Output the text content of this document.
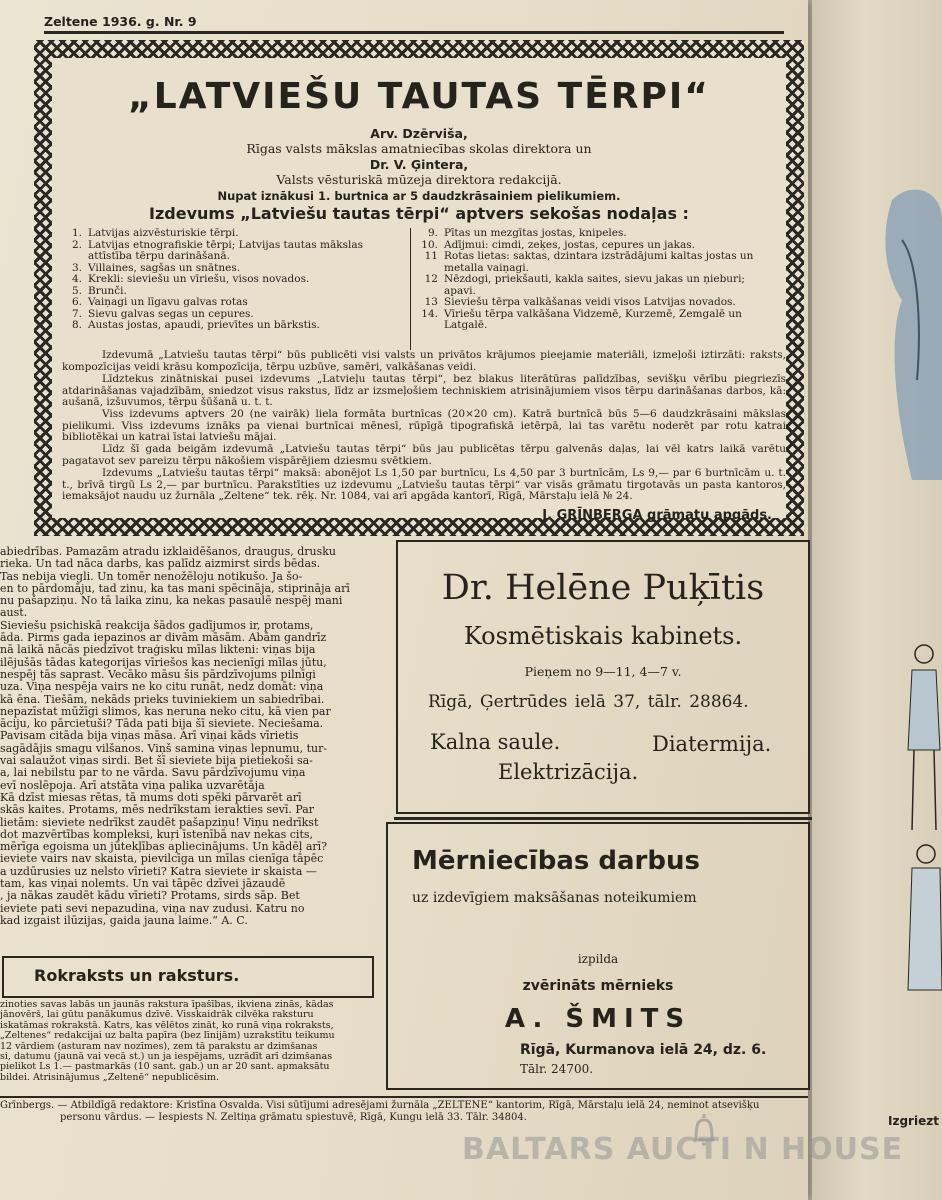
Zeltene 1936. g. Nr. 9
„LATVIEŠU TAUTAS TĒRPI“
Arv. Dzērviša,
Rīgas valsts mākslas amatniecības skolas direktora un
Dr. V. Ģintera,
Valsts vēsturiskā mūzeja direktora redakcijā.
Nupat iznākusi 1. burtnica ar 5 daudzkrāsainiem pielikumiem.
Izdevums „Latviešu tautas tērpi“ aptvers sekošas nodaļas :
1. Latvijas aizvēsturiskie tērpi.
2. Latvijas etnografiskie tērpi; Latvijas tautas mākslas attīstība tērpu darināšanā.
3. Villaines, sagšas un snātnes.
4. Krekli: sieviešu un vīriešu, visos novados.
5. Brunči.
6. Vaiņagi un līgavu galvas rotas
7. Sievu galvas segas un cepures.
8. Austas jostas, apaudi, prievītes un bārkstis.
9. Pītas un mezgītas jostas, knipeles.
10. Adījmui: cimdi, zeķes, jostas, cepures un jakas.
11 Rotas lietas: saktas, dzintara izstrādājumi kaltas jostas un metalla vaiņagi.
12 Nēzdogi, priekšauti, kakla saites, sievu jakas un ņieburi; apavi.
13 Sieviešu tērpa valkāšanas veidi visos Latvijas novados.
14. Vīriešu tērpa valkāšana Vidzemē, Kurzemē, Zemgalē un Latgalē.
Izdevumā „Latviešu tautas tērpi“ būs publicēti visi valsts un privātos krājumos pieejamie materiāli, izmeļoši iztirzāti: raksts, kompozīcijas veidi krāsu kompozīcija, tērpu uzbūve, samēri, valkāšanas veidi.
Līdztekus zinātniskai pusei izdevums „Latvieļu tautas tērpi“, bez blakus literātūras palīdzības, sevišķu vērību piegriezīs atdarināšanas vajadzībām, sniedzot visus rakstus, līdz ar izsmeļošiem techniskiem atrisinājumiem visos tērpu darināšanas darbos, kā: aušanā, izšuvumos, tērpu šūšanā u. t. t.
Viss izdevums aptvers 20 (ne vairāk) liela formāta burtnīcas (20×20 cm). Katrā burtnīcā būs 5—6 daudzkrāsaini mākslas pielikumi. Viss izdevums iznāks pa vienai burtnīcai mēnesī, rūpīgā tipografiskā ietērpā, lai tas varētu noderēt par rotu katrai bibliotēkai un katrai īstai latviešu mājai.
Līdz šī gada beigām izdevumā „Latviešu tautas tērpi“ būs jau publicētas tērpu galvenās daļas, lai vēl katrs laikā varētu pagatavot sev pareizu tērpu nākošiem vispārējiem dziesmu svētkiem.
Izdevums „Latviešu tautas tērpi“ maksā: abonējot Ls 1,50 par burtnīcu, Ls 4,50 par 3 burtnīcām, Ls 9,— par 6 burtnīcām u. t. t., brīvā tirgū Ls 2,— par burtnīcu. Parakstīties uz izdevumu „Latviešu tautas tērpi“ var visās grāmatu tirgotavās un pasta kantoros, iemaksājot naudu uz žurnāla „Zeltene“ tek. rēķ. Nr. 1084, vai arī apgāda kantorī, Rīgā, Mārstaļu ielā № 24.
J. GRĪNBERGA grāmatu apgāds.

abiedrības. Pamazām atradu izklaidēšanos, draugus, drusku

rieka. Un tad nāca darbs, kas palīdz aizmirst sirds bēdas.

Tas nebija viegli. Un tomēr nenožēloju notikušo. Ja šo-

en to pārdomāju, tad zinu, ka tas mani spēcināja, stiprināja arī

nu pašapziņu. No tā laika zinu, ka nekas pasaulē nespēj mani

aust.

Sieviešu psichiskā reakcija šādos gadījumos ir, protams,

āda. Pirms gada iepazinos ar divām māsām. Abām gandrīz

nā laikā nācās piedzīvot traģisku mīlas likteni: viņas bija

ilējušās tādas kategorijas vīriešos kas necienīgi mīlas jūtu,

nespēj tās saprast. Vecāko māsu šis pārdzīvojums pilnīgi

uza. Viņa nespēja vairs ne ko citu runāt, nedz domāt: viņa

kā ēna. Tiešām, nekāds prieks tuviniekiem un sabiedrībai.

nepazīstat mūžīgi slimos, kas neruna neko citu, kā vien par

āciju, ko pārcietuši? Tāda pati bija šī sieviete. Neciešama.

Pavisam citāda bija viņas māsa. Arī viņai kāds vīrietis

sagādājis smagu vilšanos. Viņš samina viņas lepnumu, tur-

vai salaužot viņas sirdi. Bet šī sieviete bija pietiekoši sa-

a, lai nebilstu par to ne vārda. Savu pārdzīvojumu viņa

evī noslēpoja. Arī atstāta viņa palika uzvarētāja

Kā dzīst miesas rētas, tā mums doti spēki pārvarēt arī

skās kaites. Protams, mēs nedrīkstam ierakties sevī. Par

lietām: sieviete nedrīkst zaudēt pašapziņu! Viņu nedrīkst

dot mazvērtības kompleksi, kuŗi īstenībā nav nekas cits,

mērīga egoisma un jūtekļības apliecinājums. Un kādēļ arī?

ieviete vairs nav skaista, pievilcīga un mīlas cienīga tāpēc

a uzdūrusies uz nelsto vīrieti? Katra sieviete ir skaista —

tam, kas viņai nolemts. Un vai tāpēc dzīvei jāzaudē

, ja nākas zaudēt kādu vīrieti? Protams, sirds sāp. Bet

ieviete pati sevi nepazudina, viņa nav zudusi. Katru no

kad izgaist ilūzijas, gaida jauna laime.“ A. C.

Rokraksts un raksturs.

zinoties savas labās un jaunās rakstura īpašības, ikviena zinās, kādas

jānovērš, lai gūtu panākumus dzīvē. Visskaidrāk cilvēka raksturu

iskatāmas rokrakstā. Katrs, kas vēlētos zināt, ko runā viņa rokraksts,

„Zeltenes“ redakcijai uz balta papīra (bez līnijām) uzrakstītu teikumu

12 vārdiem (asturam nav nozīmes), zem tā parakstu ar dzimšanas

si, datumu (jaunā vai vecā st.) un ja iespējams, uzrādīt arī dzimšanas

pielikot Ls 1.— pastmarkās (10 sant. gab.) un ar 20 sant. apmaksātu

bildei. Atrisinājumus „Zeltenē“ nepublicēsim.

Dr. Helēne Puķītis
Kosmētiskais kabinets.
Pieņem no 9—11, 4—7 v.
Rīgā, Ģertrūdes ielā 37, tālr. 28864.
Kalna saule.	Diatermija.
Elektrizācija.
Mērniecības darbus
uz izdevīgiem maksāšanas noteikumiem
izpilda
zvērināts mērnieks
A. ŠMITS
Rīgā, Kurmanova ielā 24, dz. 6.
Tālr. 24700.
Grīnbergs. — Atbildīgā redaktore: Kristīna Osvalda. Visi sūtījumi adresējami žurnāla „ZELTENE“ kantorim, Rīgā, Mārstaļu ielā 24, neminot atsevišķu
personu vārdus. — Iespiests N. Zeltiņa grāmatu spiestuvē, Rīgā, Kungu ielā 33. Tālr. 34804.	Izgriezt
BALTARS AUCTI N HOUSE
